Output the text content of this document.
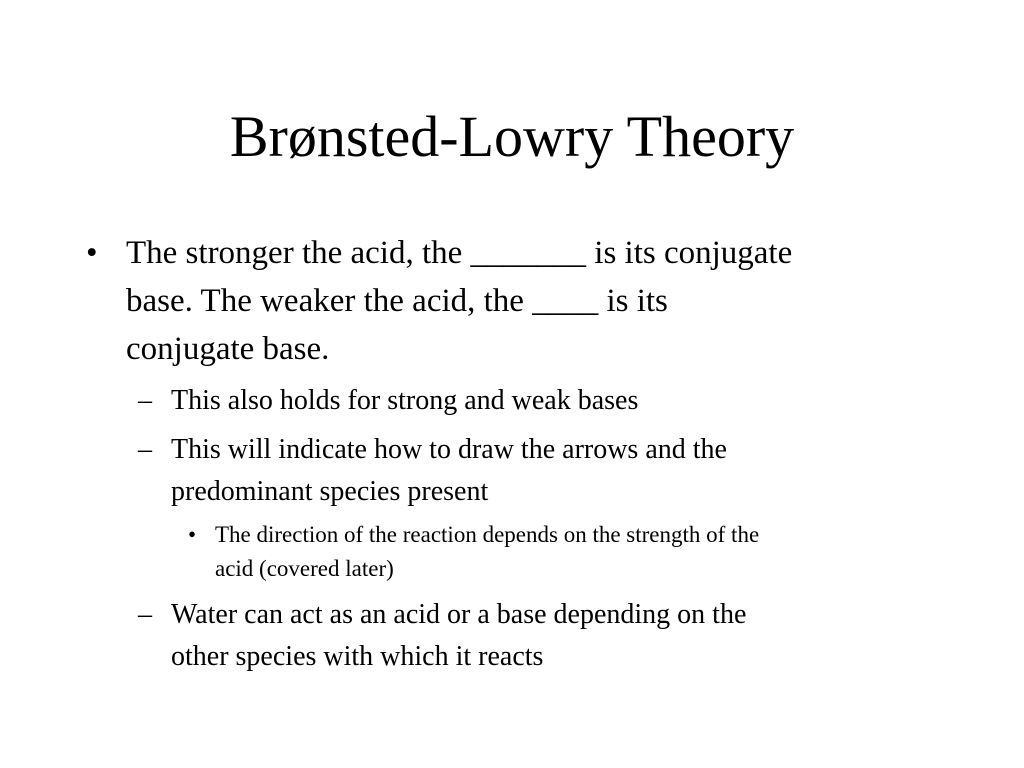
Brønsted-Lowry Theory
• The stronger the acid, the _______ is its conjugate
base. The weaker the acid, the ____ is its
conjugate base.
– This also holds for strong and weak bases
– This will indicate how to draw the arrows and the
predominant species present
• The direction of the reaction depends on the strength of the
acid (covered later)
– Water can act as an acid or a base depending on the
other species with which it reacts
